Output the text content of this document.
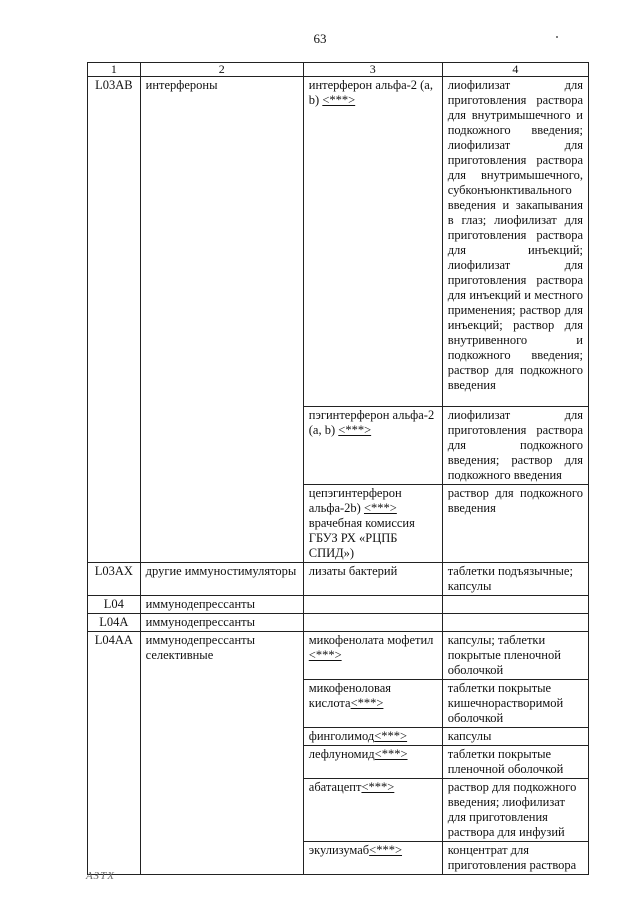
63
1	2	3	4
L03AB	интерфероны	интерферон альфа-2 (a, b) <***>	лиофилизат для приготовления раствора для внутримышечного и подкожного введения; лиофилизат для приготовления раствора для внутримышечного, субконъюнктивального введения и закапывания в глаз; лиофилизат для приготовления раствора для инъекций; лиофилизат для приготовления раствора для инъекций и местного применения; раствор для инъекций; раствор для внутривенного и подкожного введения; раствор для подкожного введения
		пэгинтерферон альфа-2 (a, b) <***>	лиофилизат для приготовления раствора для подкожного введения; раствор для подкожного введения
		цепэгинтерферон альфа-2b) <***> врачебная комиссия ГБУЗ РХ «РЦПБ СПИД»)	раствор для подкожного введения
L03AX	другие иммуностимуляторы	лизаты бактерий	таблетки подъязычные; капсулы
L04	иммунодепрессанты		
L04A	иммунодепрессанты		
L04AA	иммунодепрессанты селективные	микофенолата мофетил <***>	капсулы; таблетки покрытые пленочной оболочкой
		микофеноловая кислота<***>	таблетки покрытые кишечнорастворимой оболочкой
		финголимод<***>	капсулы
		лефлуномид<***>	таблетки покрытые пленочной оболочкой
		абатацепт<***>	раствор для подкожного введения; лиофилизат для приготовления раствора для инфузий
		экулизумаб<***>	концентрат для приготовления раствора
АЗТХ
